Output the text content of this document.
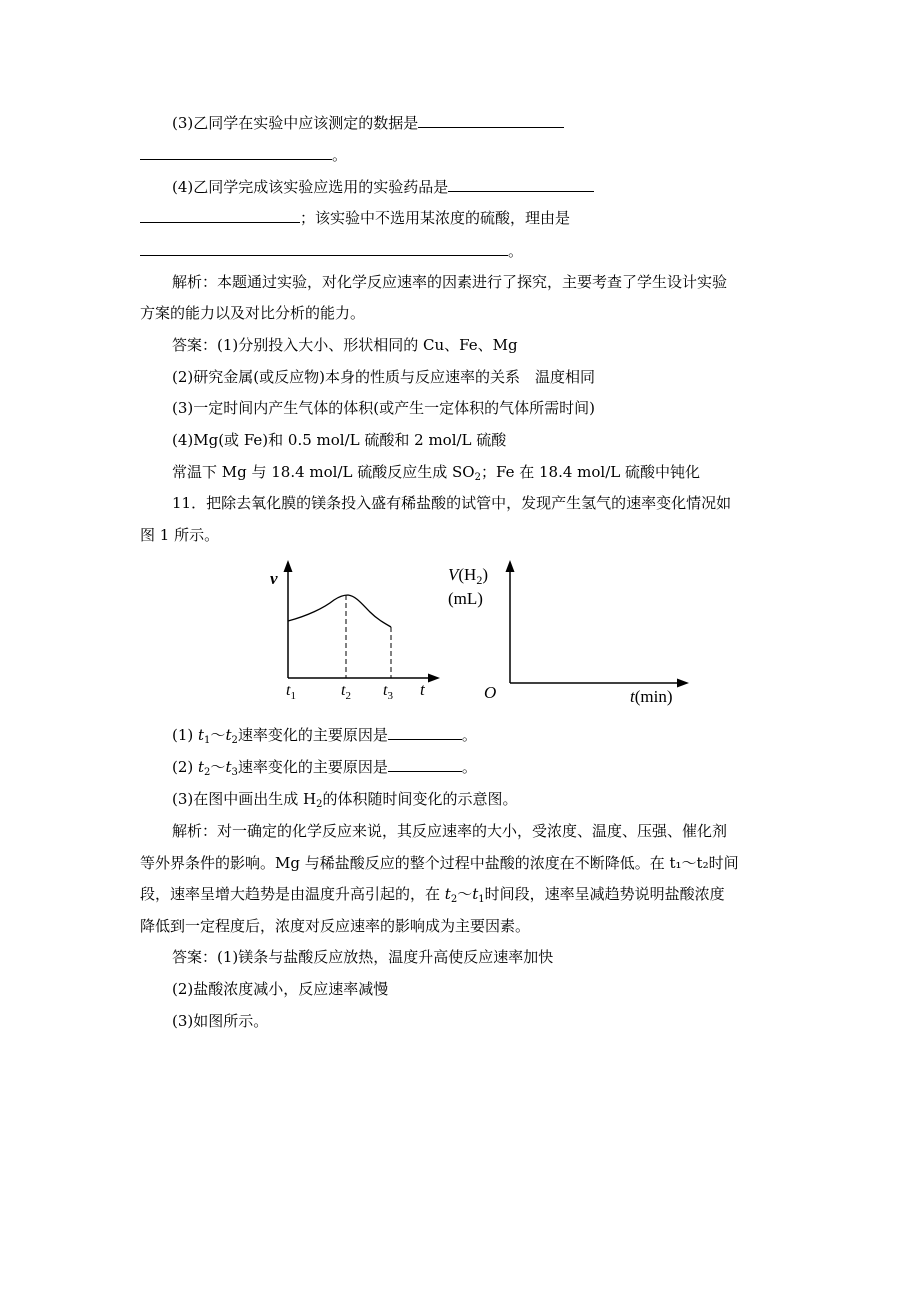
(3)乙同学在实验中应该测定的数据是
。
(4)乙同学完成该实验应选用的实验药品是
；该实验中不选用某浓度的硫酸，理由是
。
解析：本题通过实验，对化学反应速率的因素进行了探究，主要考查了学生设计实验
方案的能力以及对比分析的能力。
答案：(1)分别投入大小、形状相同的 Cu、Fe、Mg
(2)研究金属(或反应物)本身的性质与反应速率的关系　温度相同
(3)一定时间内产生气体的体积(或产生一定体积的气体所需时间)
(4)Mg(或 Fe)和 0.5 mol/L 硫酸和 2 mol/L 硫酸
常温下 Mg 与 18.4 mol/L 硫酸反应生成 $SO_2$；Fe 在 18.4 mol/L 硫酸中钝化
11．把除去氧化膜的镁条投入盛有稀盐酸的试管中，发现产生氢气的速率变化情况如
图 1 所示。
v
$t_1$	$t_2$ $t_3$ t
$V(H_2)$
(mL)
O	t(min)
(1) $t_1\sim t_2$速率变化的主要原因是	。
(2) $t_2\sim t_3$速率变化的主要原因是	。
(3)在图中画出生成 $H_2$的体积随时间变化的示意图。
解析：对一确定的化学反应来说，其反应速率的大小，受浓度、温度、压强、催化剂
等外界条件的影响。Mg 与稀盐酸反应的整个过程中盐酸的浓度在不断降低。在 t₁～t₂时间
段，速率呈增大趋势是由温度升高引起的，在 $t_2\sim t_1$时间段，速率呈减趋势说明盐酸浓度
降低到一定程度后，浓度对反应速率的影响成为主要因素。
答案：(1)镁条与盐酸反应放热，温度升高使反应速率加快
(2)盐酸浓度减小，反应速率减慢
(3)如图所示。
